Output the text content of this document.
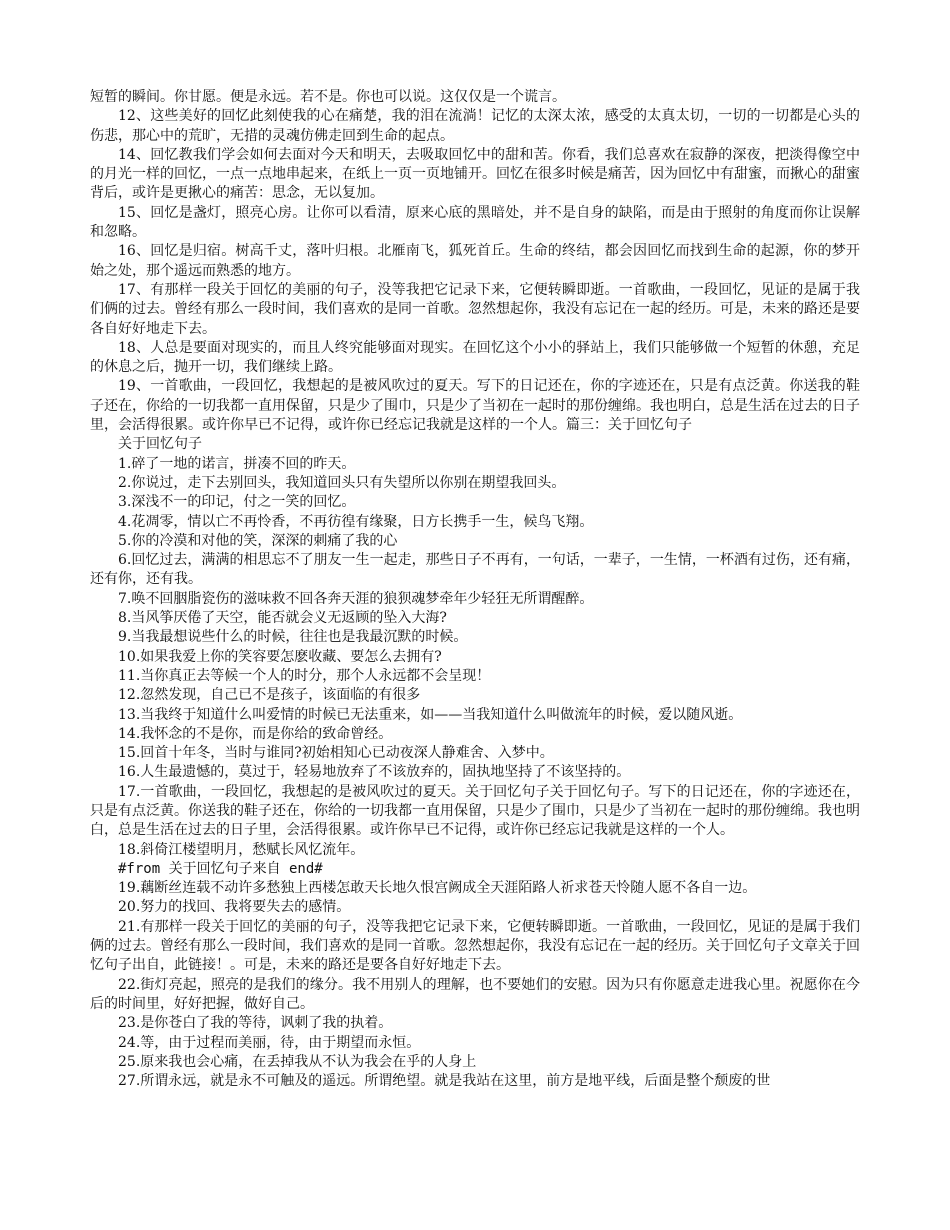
短暂的瞬间。你甘愿。便是永远。若不是。你也可以说。这仅仅是一个谎言。

12、这些美好的回忆此刻使我的心在痛楚，我的泪在流淌！记忆的太深太浓，感受的太真太切，一切的一切都是心头的伤悲，那心中的荒旷，无措的灵魂仿佛走回到生命的起点。

14、回忆教我们学会如何去面对今天和明天，去吸取回忆中的甜和苦。你看，我们总喜欢在寂静的深夜，把淡得像空中的月光一样的回忆，一点一点地串起来，在纸上一页一页地铺开。回忆在很多时候是痛苦，因为回忆中有甜蜜，而揪心的甜蜜背后，或许是更揪心的痛苦：思念，无以复加。

15、回忆是盏灯，照亮心房。让你可以看清，原来心底的黑暗处，并不是自身的缺陷，而是由于照射的角度而你让误解和忽略。

16、回忆是归宿。树高千丈，落叶归根。北雁南飞，狐死首丘。生命的终结，都会因回忆而找到生命的起源，你的梦开始之处，那个遥远而熟悉的地方。

17、有那样一段关于回忆的美丽的句子，没等我把它记录下来，它便转瞬即逝。一首歌曲，一段回忆，见证的是属于我们俩的过去。曾经有那么一段时间，我们喜欢的是同一首歌。忽然想起你，我没有忘记在一起的经历。可是，未来的路还是要各自好好地走下去。

18、人总是要面对现实的，而且人终究能够面对现实。在回忆这个小小的驿站上，我们只能够做一个短暂的休憩，充足的休息之后，抛开一切，我们继续上路。

19、一首歌曲，一段回忆，我想起的是被风吹过的夏天。写下的日记还在，你的字迹还在，只是有点泛黄。你送我的鞋子还在，你给的一切我都一直用保留，只是少了围巾，只是少了当初在一起时的那份缠绵。我也明白，总是生活在过去的日子里，会活得很累。或许你早已不记得，或许你已经忘记我就是这样的一个人。篇三：关于回忆句子

关于回忆句子

1.碎了一地的诺言，拼凑不回的昨天。

2.你说过，走下去别回头，我知道回头只有失望所以你别在期望我回头。

3.深浅不一的印记，付之一笑的回忆。

4.花凋零，情以亡不再怜香，不再彷徨有缘聚，日方长携手一生，候鸟飞翔。

5.你的冷漠和对他的笑，深深的刺痛了我的心

6.回忆过去，满满的相思忘不了朋友一生一起走，那些日子不再有，一句话，一辈子，一生情，一杯酒有过伤，还有痛，还有你，还有我。

7.唤不回胭脂瓷伤的滋味救不回各奔天涯的狼狈魂梦牵年少轻狂无所谓醒醉。

8.当风筝厌倦了天空，能否就会义无返顾的坠入大海?

9.当我最想说些什么的时候，往往也是我最沉默的时候。

10.如果我爱上你的笑容要怎麽收藏、要怎么去拥有?

11.当你真正去等候一个人的时分，那个人永远都不会呈现！

12.忽然发现，自己已不是孩子，该面临的有很多

13.当我终于知道什么叫爱情的时候已无法重来，如——当我知道什么叫做流年的时候，爱以随风逝。

14.我怀念的不是你，而是你给的致命曾经。

15.回首十年冬，当时与谁同?初始相知心已动夜深人静难舍、入梦中。

16.人生最遗憾的，莫过于，轻易地放弃了不该放弃的，固执地坚持了不该坚持的。

17.一首歌曲，一段回忆，我想起的是被风吹过的夏天。关于回忆句子关于回忆句子。写下的日记还在，你的字迹还在，只是有点泛黄。你送我的鞋子还在，你给的一切我都一直用保留，只是少了围巾，只是少了当初在一起时的那份缠绵。我也明白，总是生活在过去的日子里，会活得很累。或许你早已不记得，或许你已经忘记我就是这样的一个人。

18.斜倚江楼望明月，愁赋长风忆流年。

#from 关于回忆句子来自 end#

19.藕断丝连载不动许多愁独上西楼怎敢天长地久恨宫阙成全天涯陌路人祈求苍天怜随人愿不各自一边。

20.努力的找回、我将要失去的感情。

21.有那样一段关于回忆的美丽的句子，没等我把它记录下来，它便转瞬即逝。一首歌曲，一段回忆，见证的是属于我们俩的过去。曾经有那么一段时间，我们喜欢的是同一首歌。忽然想起你，我没有忘记在一起的经历。关于回忆句子文章关于回忆句子出自，此链接！。可是，未来的路还是要各自好好地走下去。

22.街灯亮起，照亮的是我们的缘分。我不用别人的理解，也不要她们的安慰。因为只有你愿意走进我心里。祝愿你在今后的时间里，好好把握，做好自己。

23.是你苍白了我的等待，讽刺了我的执着。

24.等，由于过程而美丽，待，由于期望而永恒。

25.原来我也会心痛，在丢掉我从不认为我会在乎的人身上

27.所谓永远，就是永不可触及的遥远。所谓绝望。就是我站在这里，前方是地平线，后面是整个颓废的世
